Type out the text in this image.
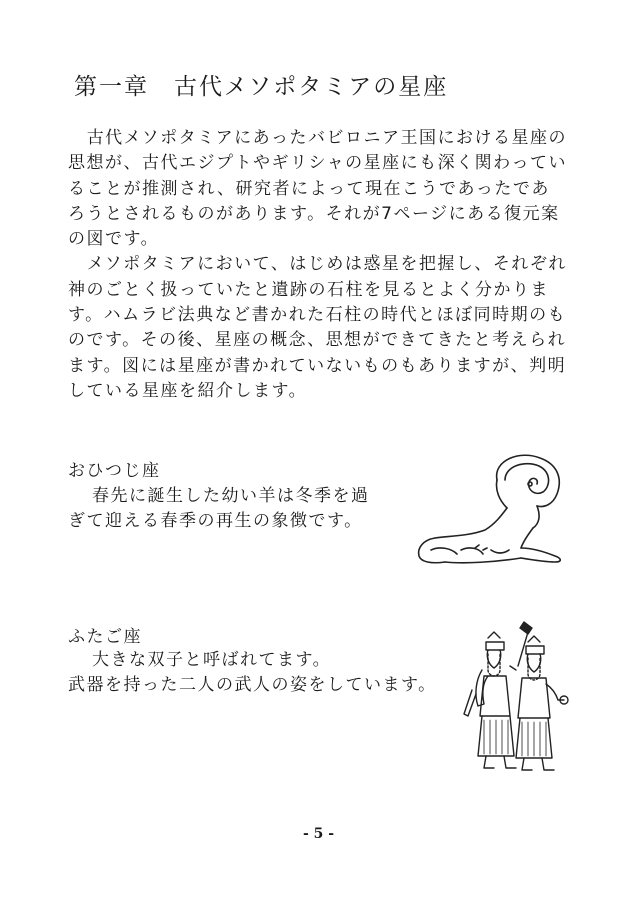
第一章　古代メソポタミアの星座

古代メソポタミアにあったバビロニア王国における星座の思想が、古代エジプトやギリシャの星座にも深く関わっていることが推測され、研究者によって現在こうであったであろうとされるものがあります。それが7ページにある復元案の図です。

メソポタミアにおいて、はじめは惑星を把握し、それぞれ神のごとく扱っていたと遺跡の石柱を見るとよく分かります。ハムラビ法典など書かれた石柱の時代とほぼ同時期のものです。その後、星座の概念、思想ができてきたと考えられます。図には星座が書かれていないものもありますが、判明している星座を紹介します。

おひつじ座
春先に誕生した幼い羊は冬季を過
ぎて迎える春季の再生の象徴です。
ふたご座
大きな双子と呼ばれてます。
武器を持った二人の武人の姿をしています。
- 5 -
